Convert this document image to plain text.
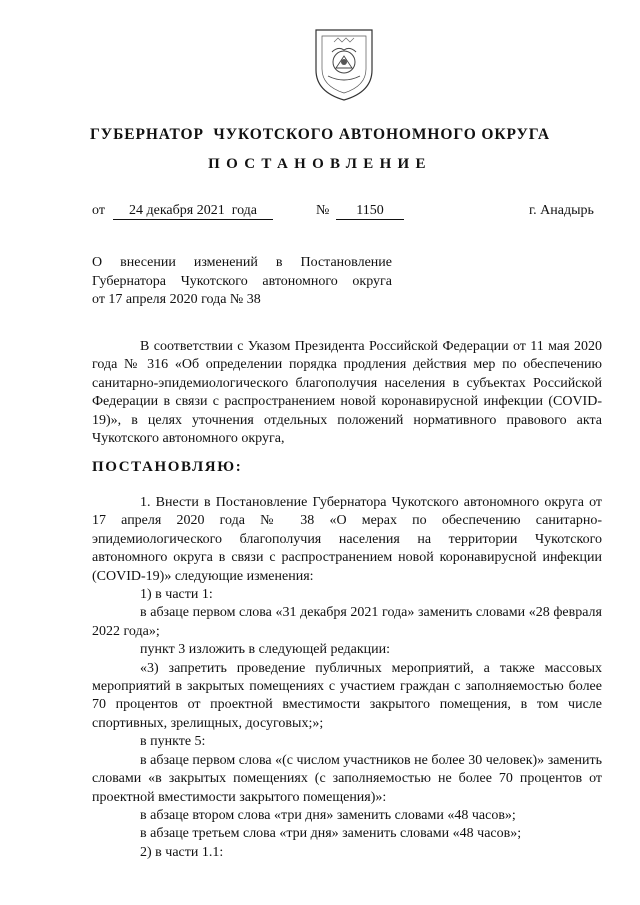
ГУБЕРНАТОР  ЧУКОТСКОГО АВТОНОМНОГО ОКРУГА
ПОСТАНОВЛЕНИЕ
от	24 декабря 2021  года	№	1150	г. Анадырь
О внесении изменений в Постановление
Губернатора Чукотского автономного округа
от 17 апреля 2020 года № 38

В соответствии с Указом Президента Российской Федерации от 11 мая 2020 года № 316 «Об определении порядка продления действия мер по обеспечению санитарно-эпидемиологического благополучия населения в субъектах Российской Федерации в связи с распространением новой коронавирусной инфекции (COVID-19)», в целях уточнения отдельных положений нормативного правового акта Чукотского автономного округа,

ПОСТАНОВЛЯЮ:

1. Внести в Постановление Губернатора Чукотского автономного округа от 17 апреля 2020 года № 38 «О мерах по обеспечению санитарно-эпидемиологического благополучия населения на территории Чукотского автономного округа в связи с распространением новой коронавирусной инфекции (COVID-19)» следующие изменения:

1) в части 1:

в абзаце первом слова «31 декабря 2021 года» заменить словами «28 февраля 2022 года»;

пункт 3 изложить в следующей редакции:

«3) запретить проведение публичных мероприятий, а также массовых мероприятий в закрытых помещениях с участием граждан с заполняемостью более 70 процентов от проектной вместимости закрытого помещения, в том числе спортивных, зрелищных, досуговых;»;

в пункте 5:

в абзаце первом слова «(с числом участников не более 30 человек)» заменить словами «в закрытых помещениях (с заполняемостью не более 70 процентов от проектной вместимости закрытого помещения)»:

в абзаце втором слова «три дня» заменить словами «48 часов»;

в абзаце третьем слова «три дня» заменить словами «48 часов»;

2) в части 1.1:
